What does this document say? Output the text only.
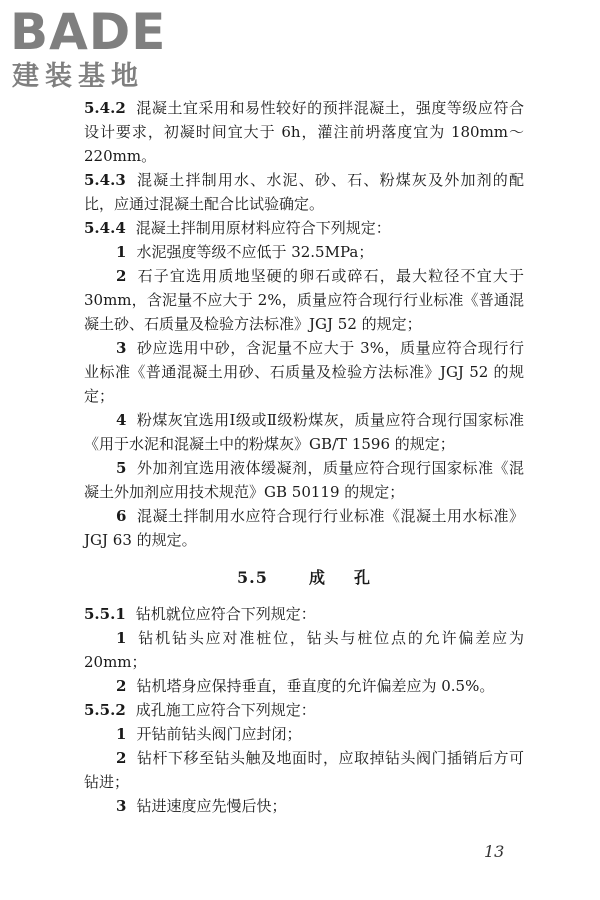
BADE
建装基地

5.4.2 混凝土宜采用和易性较好的预拌混凝土，强度等级应符合设计要求，初凝时间宜大于 6h，灌注前坍落度宜为 180mm～220mm。

5.4.3 混凝土拌制用水、水泥、砂、石、粉煤灰及外加剂的配比，应通过混凝土配合比试验确定。

5.4.4 混凝土拌制用原材料应符合下列规定：

1 水泥强度等级不应低于 32.5MPa；

2 石子宜选用质地坚硬的卵石或碎石，最大粒径不宜大于 30mm，含泥量不应大于 2%，质量应符合现行行业标准《普通混凝土砂、石质量及检验方法标准》JGJ 52 的规定；

3 砂应选用中砂，含泥量不应大于 3%，质量应符合现行行业标准《普通混凝土用砂、石质量及检验方法标准》JGJ 52 的规定；

4 粉煤灰宜选用Ⅰ级或Ⅱ级粉煤灰，质量应符合现行国家标准《用于水泥和混凝土中的粉煤灰》GB/T 1596 的规定；

5 外加剂宜选用液体缓凝剂，质量应符合现行国家标准《混凝土外加剂应用技术规范》GB 50119 的规定；

6 混凝土拌制用水应符合现行行业标准《混凝土用水标准》JGJ 63 的规定。

5.5	成 孔

5.5.1 钻机就位应符合下列规定：

1 钻机钻头应对准桩位，钻头与桩位点的允许偏差应为 20mm；

2 钻机塔身应保持垂直，垂直度的允许偏差应为 0.5%。

5.5.2 成孔施工应符合下列规定：

1 开钻前钻头阀门应封闭；

2 钻杆下移至钻头触及地面时，应取掉钻头阀门插销后方可钻进；

3 钻进速度应先慢后快；

13
